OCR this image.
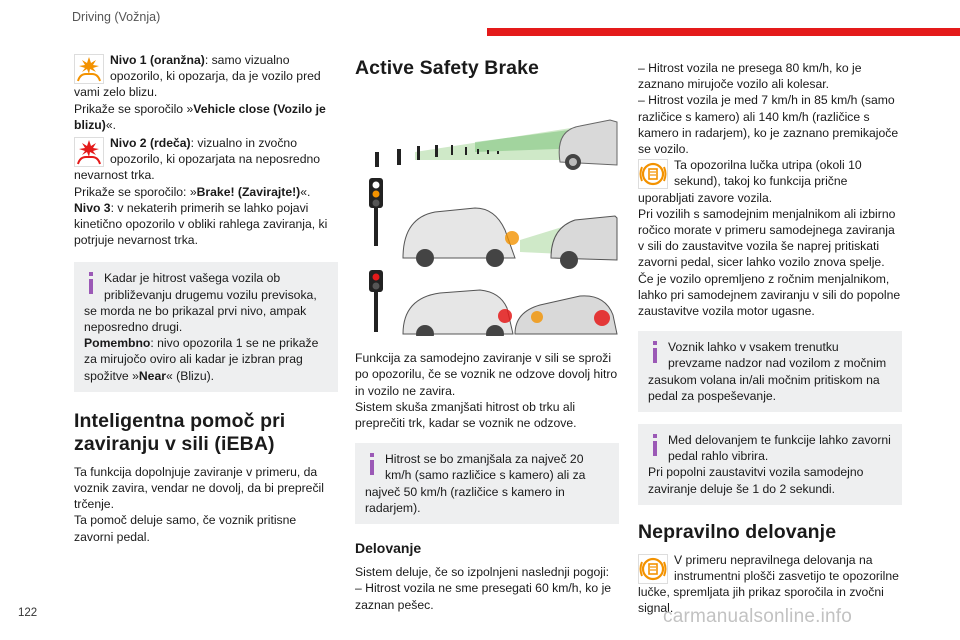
Driving (Vožnja)

Nivo 1 (oranžna): samo vizualno opozorilo, ki opozarja, da je vozilo pred vami zelo blizu.

Prikaže se sporočilo »Vehicle close (Vozilo je blizu)«.

Nivo 2 (rdeča): vizualno in zvočno opozorilo, ki opozarjata na neposredno nevarnost trka.

Prikaže se sporočilo: »Brake! (Zavirajte!)«.

Nivo 3: v nekaterih primerih se lahko pojavi kinetično opozorilo v obliki rahlega zaviranja, ki potrjuje nevarnost trka.

Kadar je hitrost vašega vozila ob približevanju drugemu vozilu previsoka, se morda ne bo prikazal prvi nivo, ampak neposredno drugi.

Pomembno: nivo opozorila 1 se ne prikaže za mirujočo oviro ali kadar je izbran prag spožitve »Near« (Blizu).

Inteligentna pomoč pri zaviranju v sili (iEBA)

Ta funkcija dopolnjuje zaviranje v primeru, da voznik zavira, vendar ne dovolj, da bi preprečil trčenje.

Ta pomoč deluje samo, če voznik pritisne zavorni pedal.

Active Safety Brake

Funkcija za samodejno zaviranje v sili se sproži po opozorilu, če se voznik ne odzove dovolj hitro in vozilo ne zavira.

Sistem skuša zmanjšati hitrost ob trku ali preprečiti trk, kadar se voznik ne odzove.

Hitrost se bo zmanjšala za največ 20 km/h (samo različice s kamero) ali za največ 50 km/h (različice s kamero in radarjem).

Delovanje

Sistem deluje, če so izpolnjeni naslednji pogoji:

– Hitrost vozila ne sme presegati 60 km/h, ko je zaznan pešec.

– Hitrost vozila ne presega 80 km/h, ko je zaznano mirujoče vozilo ali kolesar.

– Hitrost vozila je med 7 km/h in 85 km/h (samo različice s kamero) ali 140 km/h (različice s kamero in radarjem), ko je zaznano premikajoče se vozilo.

Ta opozorilna lučka utripa (okoli 10 sekund), takoj ko funkcija prične uporabljati zavore vozila.

Pri vozilih s samodejnim menjalnikom ali izbirno ročico morate v primeru samodejnega zaviranja v sili do zaustavitve vozila še naprej pritiskati zavorni pedal, sicer lahko vozilo znova spelje.

Če je vozilo opremljeno z ročnim menjalnikom, lahko pri samodejnem zaviranju v sili do popolne zaustavitve vozila motor ugasne.

Voznik lahko v vsakem trenutku prevzame nadzor nad vozilom z močnim zasukom volana in/ali močnim pritiskom na pedal za pospeševanje.

Med delovanjem te funkcije lahko zavorni pedal rahlo vibrira.

Pri popolni zaustavitvi vozila samodejno zaviranje deluje še 1 do 2 sekundi.

Nepravilno delovanje

V primeru nepravilnega delovanja na instrumentni plošči zasvetijo te opozorilne lučke, spremljata jih prikaz sporočila in zvočni signal.

122	carmanualsonline.info
